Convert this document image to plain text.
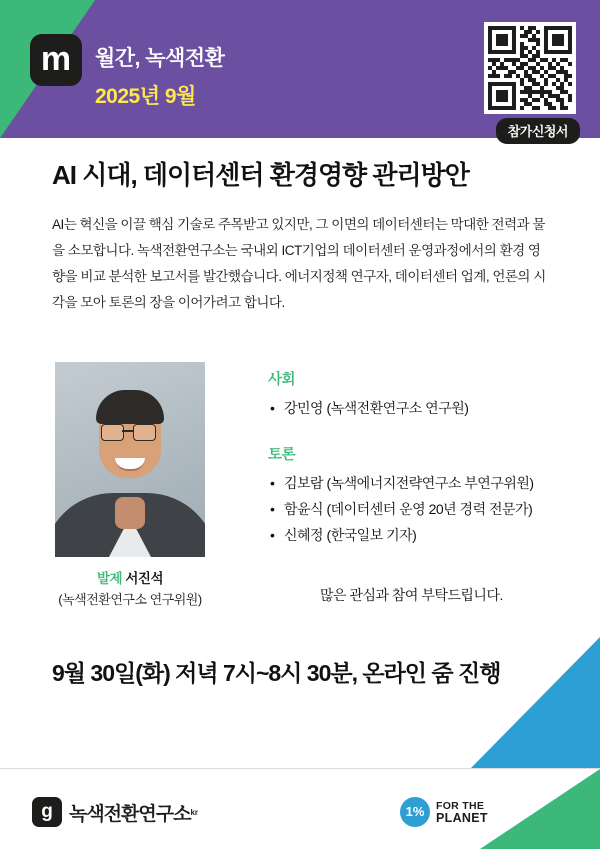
m	월간, 녹색전환
2025년 9월
참가신청서
AI 시대, 데이터센터 환경영향 관리방안
AI는 혁신을 이끌 핵심 기술로 주목받고 있지만, 그 이면의 데이터센터는 막대한 전력과 물을 소모합니다. 녹색전환연구소는 국내외 ICT기업의 데이터센터 운영과정에서의 환경 영향을 비교 분석한 보고서를 발간했습니다. 에너지정책 연구자, 데이터센터 업계, 언론의 시각을 모아 토론의 장을 이어가려고 합니다.
발제 서진석
(녹색전환연구소 연구위원)
사회
• 강민영 (녹색전환연구소 연구원)
토론
• 김보람 (녹색에너지전략연구소 부연구위원)
• 함윤식 (데이터센터 운영 20년 경력 전문가)
• 신혜정 (한국일보 기자)
많은 관심과 참여 부탁드립니다.
9월 30일(화) 저녁 7시~8시 30분, 온라인 줌 진행
g 녹색전환연구소 kr	1%	FOR THE
PLANET
